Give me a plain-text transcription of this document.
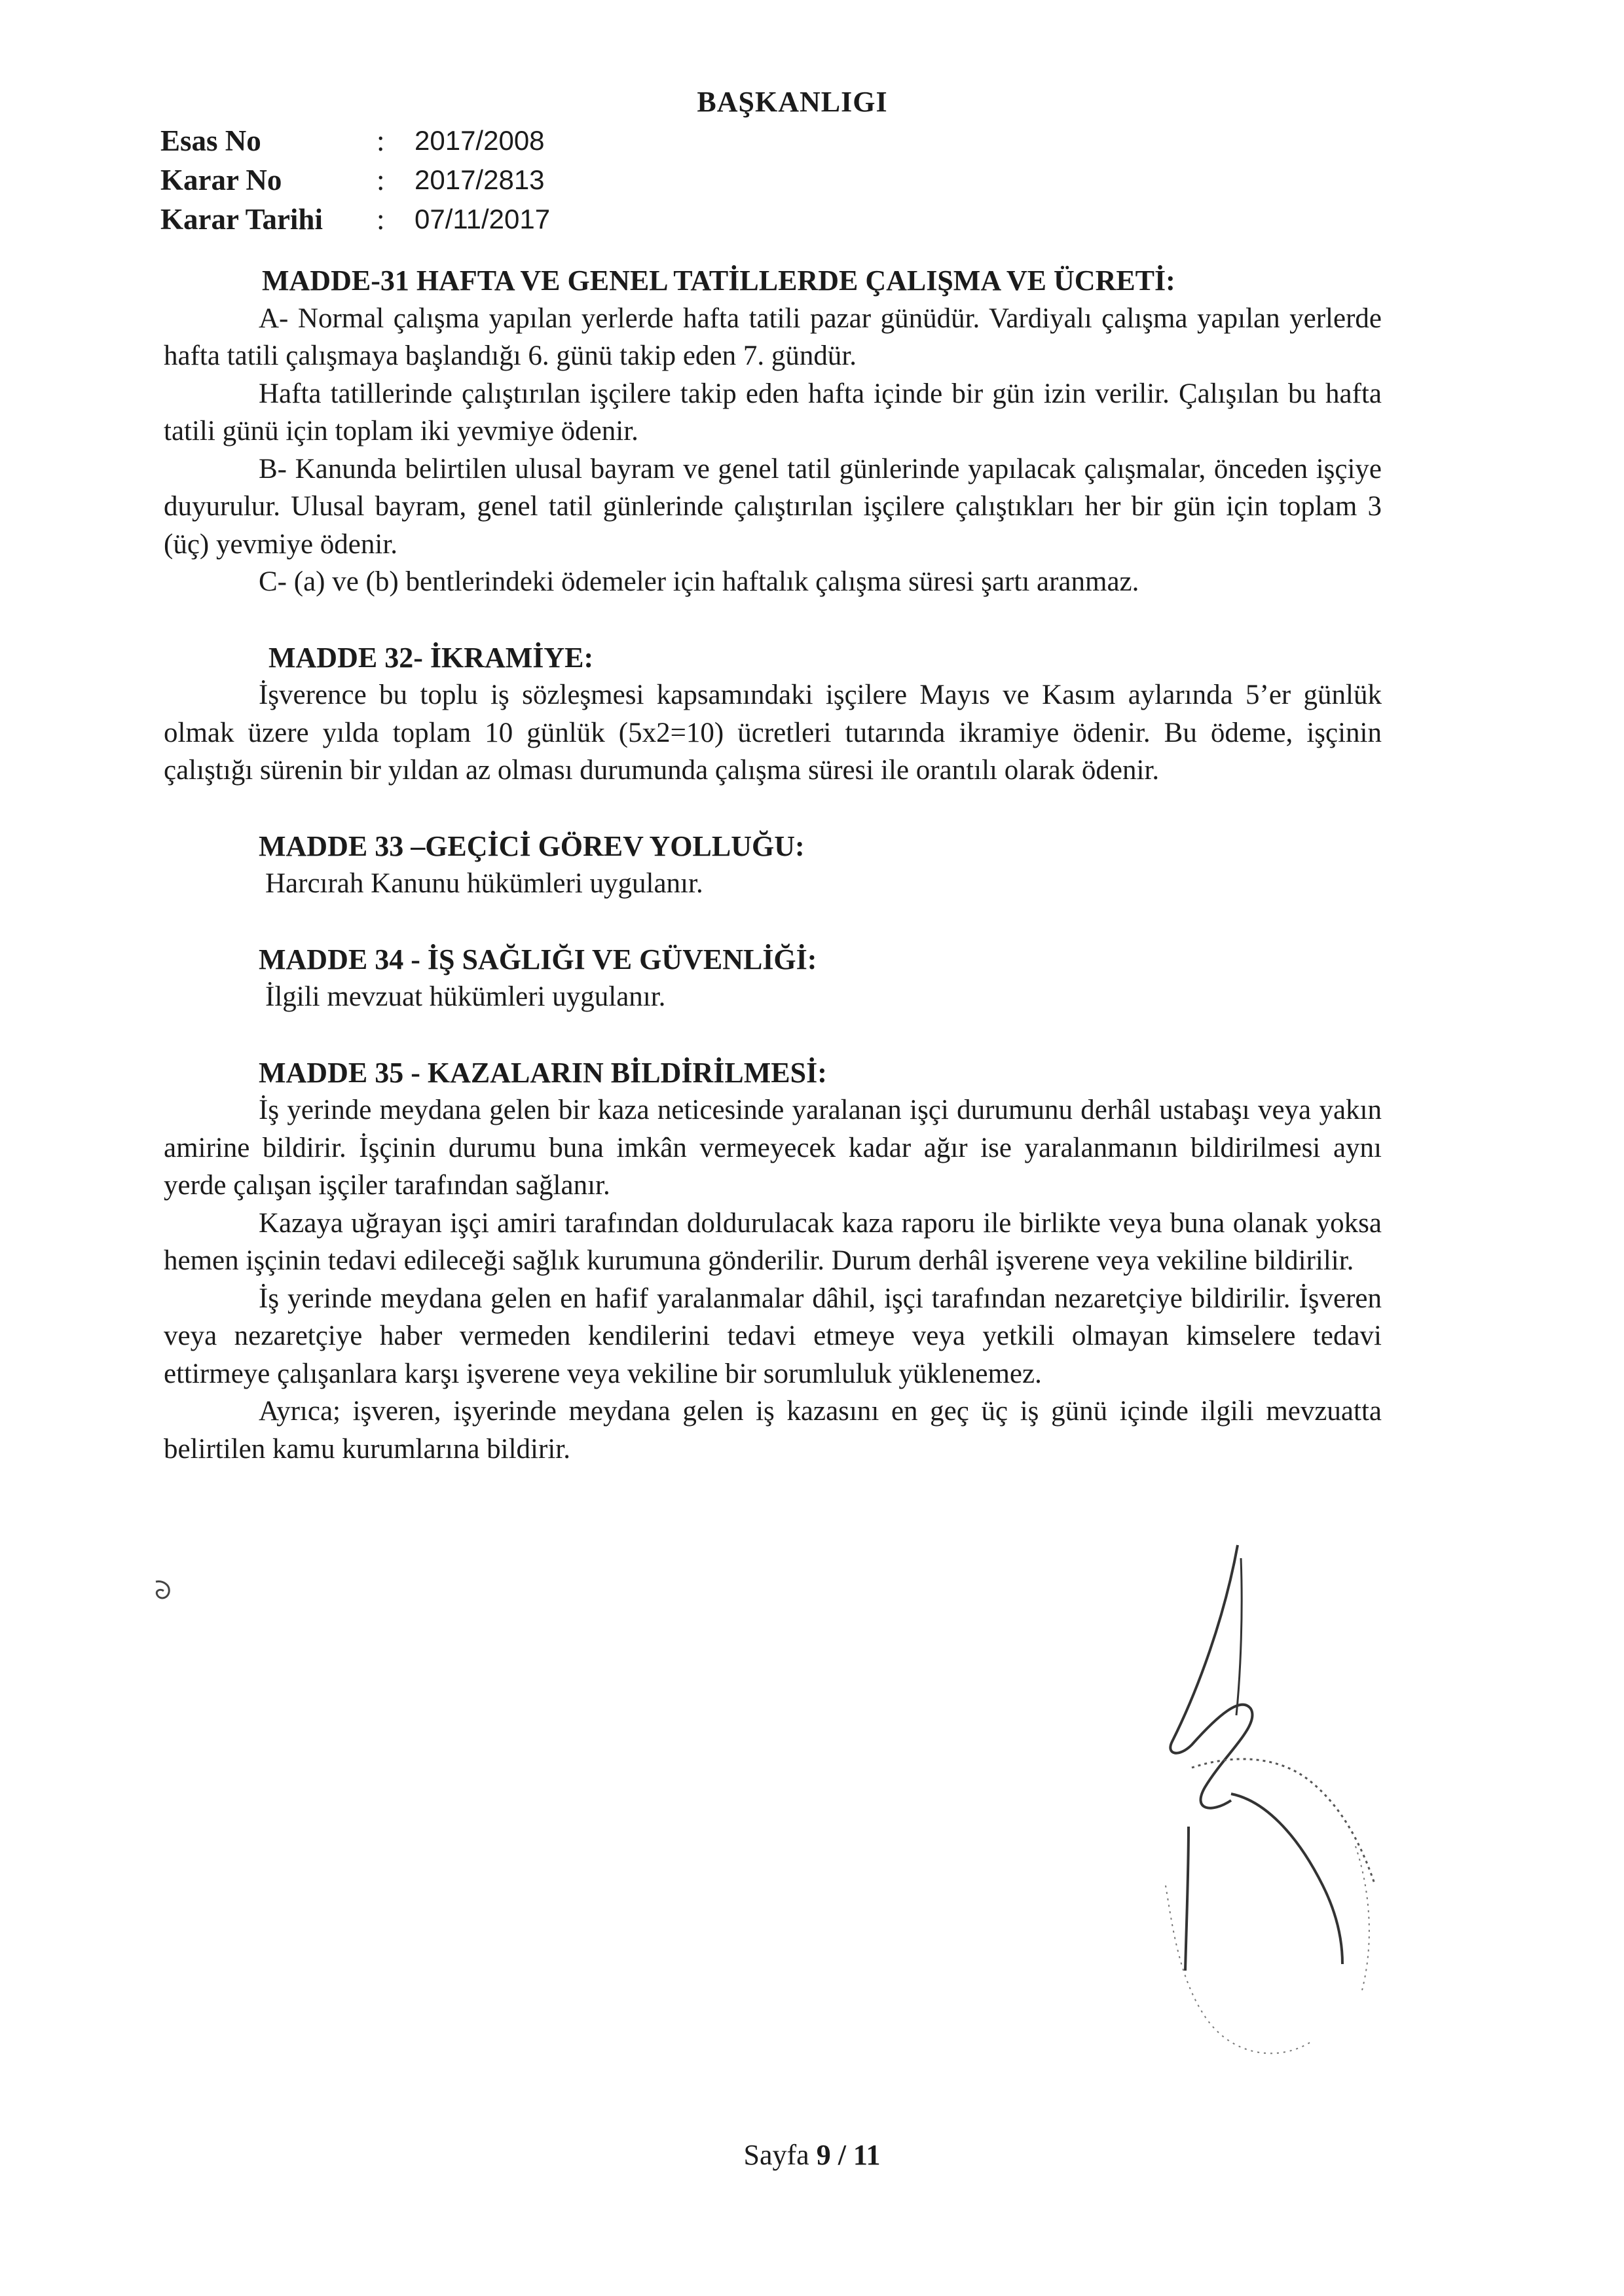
BAŞKANLIGI
Esas No	:	2017/2008
Karar No	:	2017/2813
Karar Tarihi	:	07/11/2017
MADDE-31 HAFTA VE GENEL TATİLLERDE ÇALIŞMA VE ÜCRETİ:

A- Normal çalışma yapılan yerlerde hafta tatili pazar günüdür. Vardiyalı çalışma yapılan yerlerde hafta tatili çalışmaya başlandığı 6. günü takip eden 7. gündür.

Hafta tatillerinde çalıştırılan işçilere takip eden hafta içinde bir gün izin verilir. Çalışılan bu hafta tatili günü için toplam iki yevmiye ödenir.

B- Kanunda belirtilen ulusal bayram ve genel tatil günlerinde yapılacak çalışmalar, önceden işçiye duyurulur. Ulusal bayram, genel tatil günlerinde çalıştırılan işçilere çalıştıkları her bir gün için toplam 3 (üç) yevmiye ödenir.

C- (a) ve (b) bentlerindeki ödemeler için haftalık çalışma süresi şartı aranmaz.

MADDE 32- İKRAMİYE:

İşverence bu toplu iş sözleşmesi kapsamındaki işçilere Mayıs ve Kasım aylarında 5’er günlük olmak üzere yılda toplam 10 günlük (5x2=10) ücretleri tutarında ikramiye ödenir. Bu ödeme, işçinin çalıştığı sürenin bir yıldan az olması durumunda çalışma süresi ile orantılı olarak ödenir.

MADDE 33 –GEÇİCİ GÖREV YOLLUĞU:

Harcırah Kanunu hükümleri uygulanır.

MADDE 34 - İŞ SAĞLIĞI VE GÜVENLİĞİ:

İlgili mevzuat hükümleri uygulanır.

MADDE 35 - KAZALARIN BİLDİRİLMESİ:

İş yerinde meydana gelen bir kaza neticesinde yaralanan işçi durumunu derhâl ustabaşı veya yakın amirine bildirir. İşçinin durumu buna imkân vermeyecek kadar ağır ise yaralanmanın bildirilmesi aynı yerde çalışan işçiler tarafından sağlanır.

Kazaya uğrayan işçi amiri tarafından doldurulacak kaza raporu ile birlikte veya buna olanak yoksa hemen işçinin tedavi edileceği sağlık kurumuna gönderilir. Durum derhâl işverene veya vekiline bildirilir.

İş yerinde meydana gelen en hafif yaralanmalar dâhil, işçi tarafından nezaretçiye bildirilir. İşveren veya nezaretçiye haber vermeden kendilerini tedavi etmeye veya yetkili olmayan kimselere tedavi ettirmeye çalışanlara karşı işverene veya vekiline bir sorumluluk yüklenemez.

Ayrıca; işveren, işyerinde meydana gelen iş kazasını en geç üç iş günü içinde ilgili mevzuatta belirtilen kamu kurumlarına bildirir.

Sayfa 9 / 11
